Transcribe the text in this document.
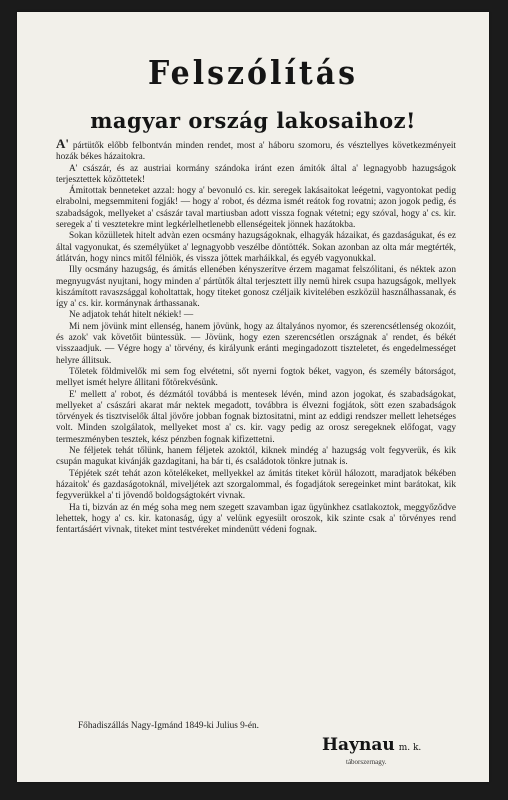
Felszólítás
magyar ország lakosaihoz!

A' pártütők előbb felbontván minden rendet, most a' háboru szomoru, és vésztellyes következményeit hozák békes házaitokra.

A' császár, és az austriai kormány szándoka iránt ezen ámitók által a' legnagyobb hazugságok terjesztettek közöttetek!

Ámitottak benneteket azzal: hogy a' bevonuló cs. kir. seregek lakásaitokat leégetni, vagyontokat pedig elrabolni, megsemmiteni fogják! — hogy a' robot, és dézma ismét reátok fog rovatni; azon jogok pedig, és szabadságok, mellyeket a' császár taval martiusban adott vissza fognak vétetni; egy szóval, hogy a' cs. kir. seregek a' ti vesztetekre mint legkérlelhetlenebb ellenségeitek jönnek hazátokba.

Sokan közülletek hitelt advàn ezen ocsmány hazugságoknak, elhagyák házaikat, és gazdaságukat, és ez által vagyonukat, és személyüket a' legnagyobb veszélbe döntötték. Sokan azonban az olta már megtérték, átlátván, hogy nincs mitől félniök, és vissza jöttek marháikkal, és egyéb vagyonukkal.

Illy ocsmány hazugság, és ámitás ellenében kényszerítve érzem magamat felszólitani, és néktek azon megnyugvást nyujtani, hogy minden a' pártütők által terjesztett illy nemü hirek csupa hazugságok, mellyek kiszámított ravaszsággal koholtattak, hogy titeket gonosz czéljaik kivitelében eszközül használhassanak, és így a' cs. kir. kormánynak árthassanak.

Ne adjatok tehát hitelt nékiek! —

Mi nem jövünk mint ellenség, hanem jövünk, hogy az általyános nyomor, és szerencsétlenség okozóit, és azok' vak követőit büntessük. — Jövünk, hogy ezen szerencsétlen országnak a' rendet, és békét visszaadjuk. — Végre hogy a' törvény, és királyunk eránti megingadozott tiszteletet, és engedelmességet helyre állitsuk.

Tőletek földmivelők mi sem fog elvétetni, sőt nyerni fogtok béket, vagyon, és személy bátorságot, mellyet ismét helyre állitani főtörekvésünk.

E' mellett a' robot, és dézmától továbbá is mentesek lévén, mind azon jogokat, és szabadságokat, mellyeket a' császári akarat már nektek megadott, továbbra is élvezni fogjátok, sött ezen szabadságok törvények és tisztviselők által jövőre jobban fognak biztositatni, mint az eddigi rendszer mellett lehetséges volt. Minden szolgálatok, mellyeket most a' cs. kir. vagy pedig az orosz seregeknek előfogat, vagy termeszményben tesztek, kész pénzben fognak kifizettetni.

Ne féljetek tehát tőlünk, hanem féljetek azoktól, kiknek mindég a' hazugság volt fegyverük, és kik csupán magukat kivánják gazdagitani, ha bár ti, és családotok tönkre jutnak is.

Tépjétek szét tehát azon kötelékeket, mellyekkel az ámitás titeket körül hálozott, maradjatok békében házaitok' és gazdaságotoknál, miveljétek azt szorgalommal, és fogadjátok seregeinket mint barátokat, kik fegyverükkel a' ti jövendő boldogságtokért vivnak.

Ha ti, bizván az én még soha meg nem szegett szavamban igaz ügyünkhez csatlakoztok, meggyőződve lehettek, hogy a' cs. kir. katonaság, úgy a' velünk egyesült oroszok, kik szinte csak a' törvényes rend fentartásáért vivnak, titeket mint testvéreket mindenütt védeni fognak.

Főhadiszállás Nagy-Igmánd 1849-ki Julius 9-én.
Haynau m. k.
táborszernagy.
